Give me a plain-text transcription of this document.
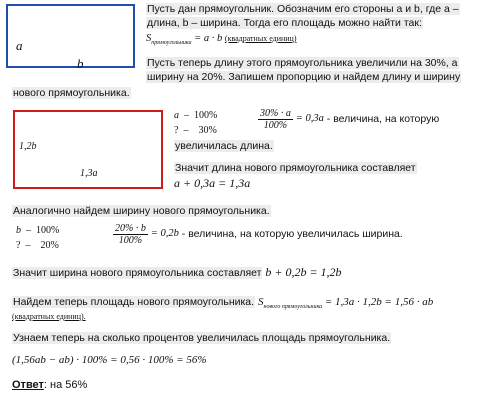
a
b
Пусть дан прямоугольник. Обозначим его стороны а и b, где а –
длина, b – ширина. Тогда его площадь можно найти так:
$S_{прямоугольника} = a \cdot b$ (квадратных единиц)
Пусть теперь длину этого прямоугольника увеличили на 30%, а
ширину на 20%. Запишем пропорцию и найдем длину и ширину
нового прямоугольника.
1,2b
1,3a
a – 100%
? – 30%	$\frac{30\% \cdot a}{100\%} = 0,3a$ - величина, на которую
увеличилась длина.
Значит длина нового прямоугольника составляет
a + 0,3a = 1,3a
Аналогично найдем ширину нового прямоугольника.
b – 100%
? – 20%	$\frac{20\% \cdot b}{100\%} = 0,2b$ - величина, на которую увеличилась ширина.
Значит ширина нового прямоугольника составляет b + 0,2b = 1,2b
Найдем теперь площадь нового прямоугольника. $S_{нового прямоугольника} = 1,3a \cdot 1,2b = 1,56$ · ab
(квадратных единиц).
Узнаем теперь на сколько процентов увеличилась площадь прямоугольника.
(1,56ab − ab) · 100% = 0,56 · 100% = 56%
Ответ: на 56%
